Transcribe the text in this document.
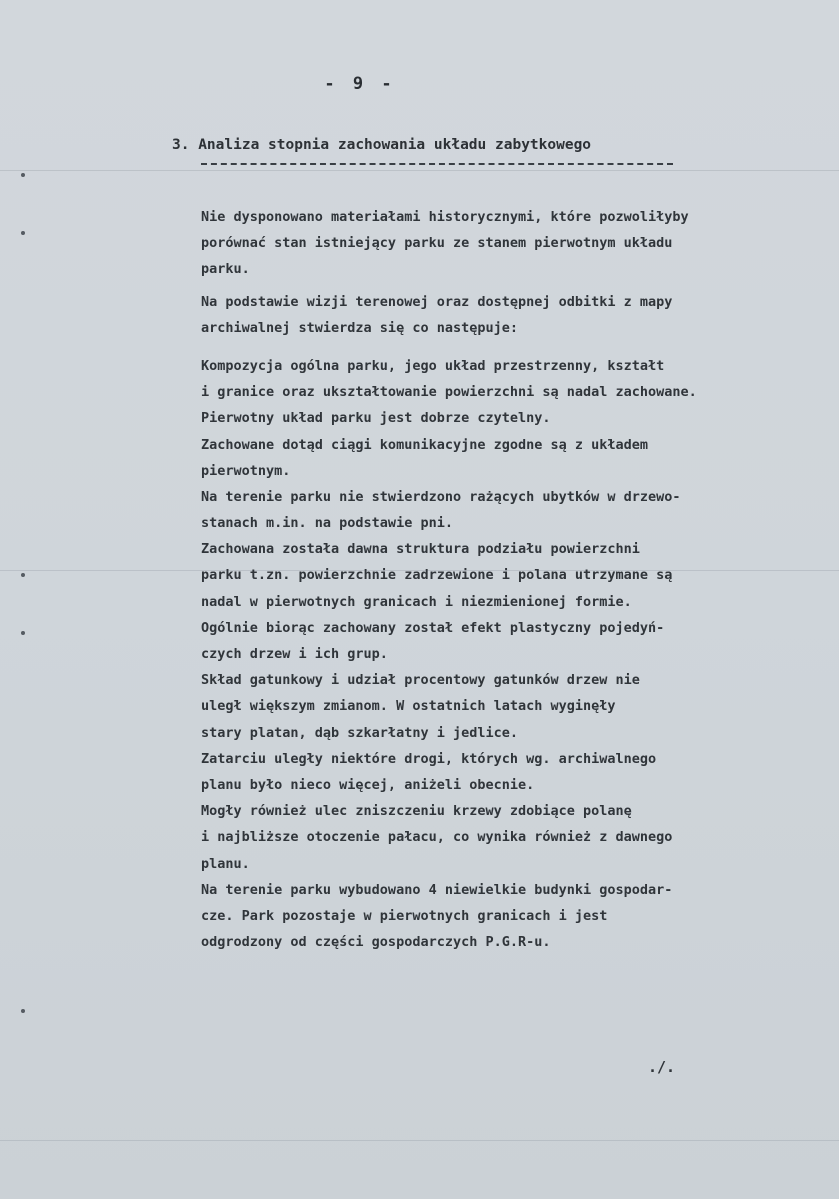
- 9 -
3. Analiza stopnia zachowania układu zabytkowego
Nie dysponowano materiałami historycznymi, które pozwoliłyby
porównać stan istniejący parku ze stanem pierwotnym układu
parku.
Na podstawie wizji terenowej oraz dostępnej odbitki z mapy
archiwalnej stwierdza się co następuje:
Kompozycja ogólna parku, jego układ przestrzenny, kształt
i granice oraz ukształtowanie powierzchni są nadal zachowane.
Pierwotny układ parku jest dobrze czytelny.
Zachowane dotąd ciągi komunikacyjne zgodne są z układem
pierwotnym.
Na terenie parku nie stwierdzono rażących ubytków w drzewo-
stanach m.in. na podstawie pni.
Zachowana została dawna struktura podziału powierzchni
parku t.zn. powierzchnie zadrzewione i polana utrzymane są
nadal w pierwotnych granicach i niezmienionej formie.
Ogólnie biorąc zachowany został efekt plastyczny pojedyń-
czych drzew i ich grup.
Skład gatunkowy i udział procentowy gatunków drzew nie
uległ większym zmianom. W ostatnich latach wyginęły
stary platan, dąb szkarłatny i jedlice.
Zatarciu uległy niektóre drogi, których wg. archiwalnego
planu było nieco więcej, aniżeli obecnie.
Mogły również ulec zniszczeniu krzewy zdobiące polanę
i najbliższe otoczenie pałacu, co wynika również z dawnego
planu.
Na terenie parku wybudowano 4 niewielkie budynki gospodar-
cze. Park pozostaje w pierwotnych granicach i jest
odgrodzony od części gospodarczych P.G.R-u.
./.
